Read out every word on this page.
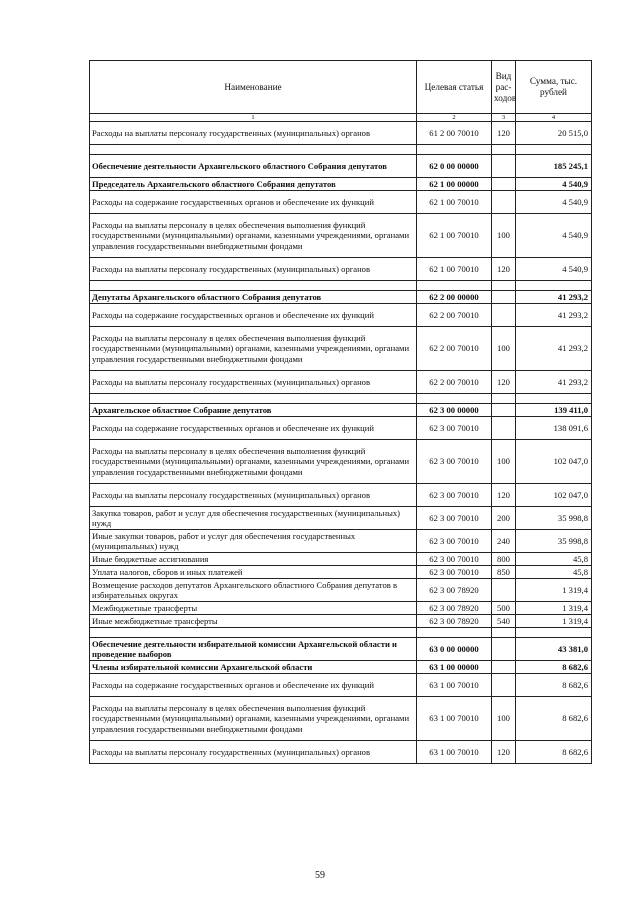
Наименование	Целевая статья	Вид рас-ходов	Сумма, тыс. рублей
1	2	3	4
Расходы на выплаты персоналу государственных (муниципальных) органов	61 2 00 70010	120	20 515,0

Обеспечение деятельности Архангельского областного Собрания депутатов	62 0 00 00000		185 245,1
Председатель Архангельского областного Собрания депутатов	62 1 00 00000		4 540,9
Расходы на содержание государственных органов и обеспечение их функций	62 1 00 70010		4 540,9
Расходы на выплаты персоналу в целях обеспечения выполнения функций государственными (муниципальными) органами, казенными учреждениями, органами управления государственными внебюджетными фондами	62 1 00 70010	100	4 540,9
Расходы на выплаты персоналу государственных (муниципальных) органов	62 1 00 70010	120	4 540,9

Депутаты Архангельского областного Собрания депутатов	62 2 00 00000		41 293,2
Расходы на содержание государственных органов и обеспечение их функций	62 2 00 70010		41 293,2
Расходы на выплаты персоналу в целях обеспечения выполнения функций государственными (муниципальными) органами, казенными учреждениями, органами управления государственными внебюджетными фондами	62 2 00 70010	100	41 293,2
Расходы на выплаты персоналу государственных (муниципальных) органов	62 2 00 70010	120	41 293,2

Архангельское областное Собрание депутатов	62 3 00 00000		139 411,0
Расходы на содержание государственных органов и обеспечение их функций	62 3 00 70010		138 091,6
Расходы на выплаты персоналу в целях обеспечения выполнения функций государственными (муниципальными) органами, казенными учреждениями, органами управления государственными внебюджетными фондами	62 3 00 70010	100	102 047,0
Расходы на выплаты персоналу государственных (муниципальных) органов	62 3 00 70010	120	102 047,0
Закупка товаров, работ и услуг для обеспечения государственных (муниципальных) нужд	62 3 00 70010	200	35 998,8
Иные закупки товаров, работ и услуг для обеспечения государственных (муниципальных) нужд	62 3 00 70010	240	35 998,8
Иные бюджетные ассигнования	62 3 00 70010	800	45,8
Уплата налогов, сборов и иных платежей	62 3 00 70010	850	45,8
Возмещение расходов депутатов Архангельского областного Собрания депутатов в избирательных округах	62 3 00 78920		1 319,4
Межбюджетные трансферты	62 3 00 78920	500	1 319,4
Иные межбюджетные трансферты	62 3 00 78920	540	1 319,4

Обеспечение деятельности избирательной комиссии Архангельской области и проведение выборов	63 0 00 00000		43 381,0
Члены избирательной комиссии Архангельской области	63 1 00 00000		8 682,6
Расходы на содержание государственных органов и обеспечение их функций	63 1 00 70010		8 682,6
Расходы на выплаты персоналу в целях обеспечения выполнения функций государственными (муниципальными) органами, казенными учреждениями, органами управления государственными внебюджетными фондами	63 1 00 70010	100	8 682,6
Расходы на выплаты персоналу государственных (муниципальных) органов	63 1 00 70010	120	8 682,6
59
